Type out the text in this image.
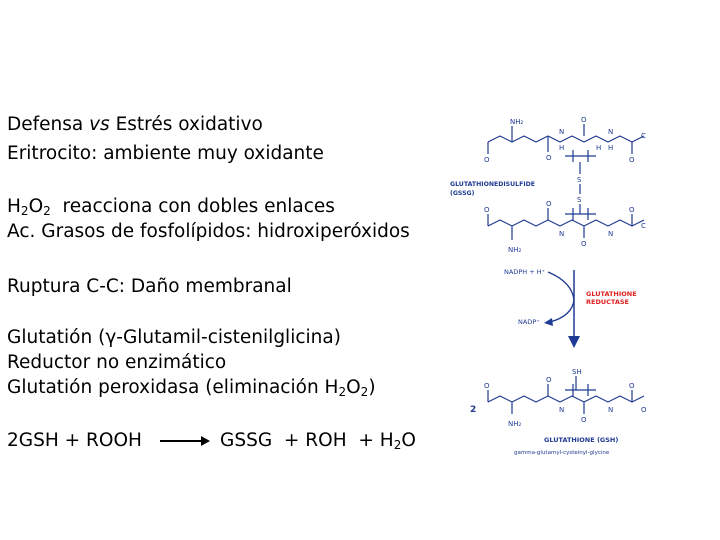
Defensa vs Estrés oxidativo
Eritrocito: ambiente muy oxidante
$H_2O_2$  reacciona con dobles enlaces
Ac. Grasos de fosfolípidos: hidroxiperóxidos
Ruptura C-C: Daño membranal
Glutatión (γ-Glutamil-cistenilglicina)
Reductor no enzimático
Glutatión peroxidasa (eliminación $H_2O_2$)
2GSH + ROOH	GSSG  + ROH  + $H_2O$
NH₂
O	O
N
H
O
H
N
H
C
O
S
S
GLUTATHIONEDISULFIDE
(GSSG)
O
O
N
O
N
O
C
NH₂
NADPH + H⁺
NADP⁺
GLUTATHIONE
REDUCTASE
2
SH
O
O
N
O
N
O
O
NH₂
GLUTATHIONE (GSH)
gamma-glutamyl-cysteinyl-glycine
